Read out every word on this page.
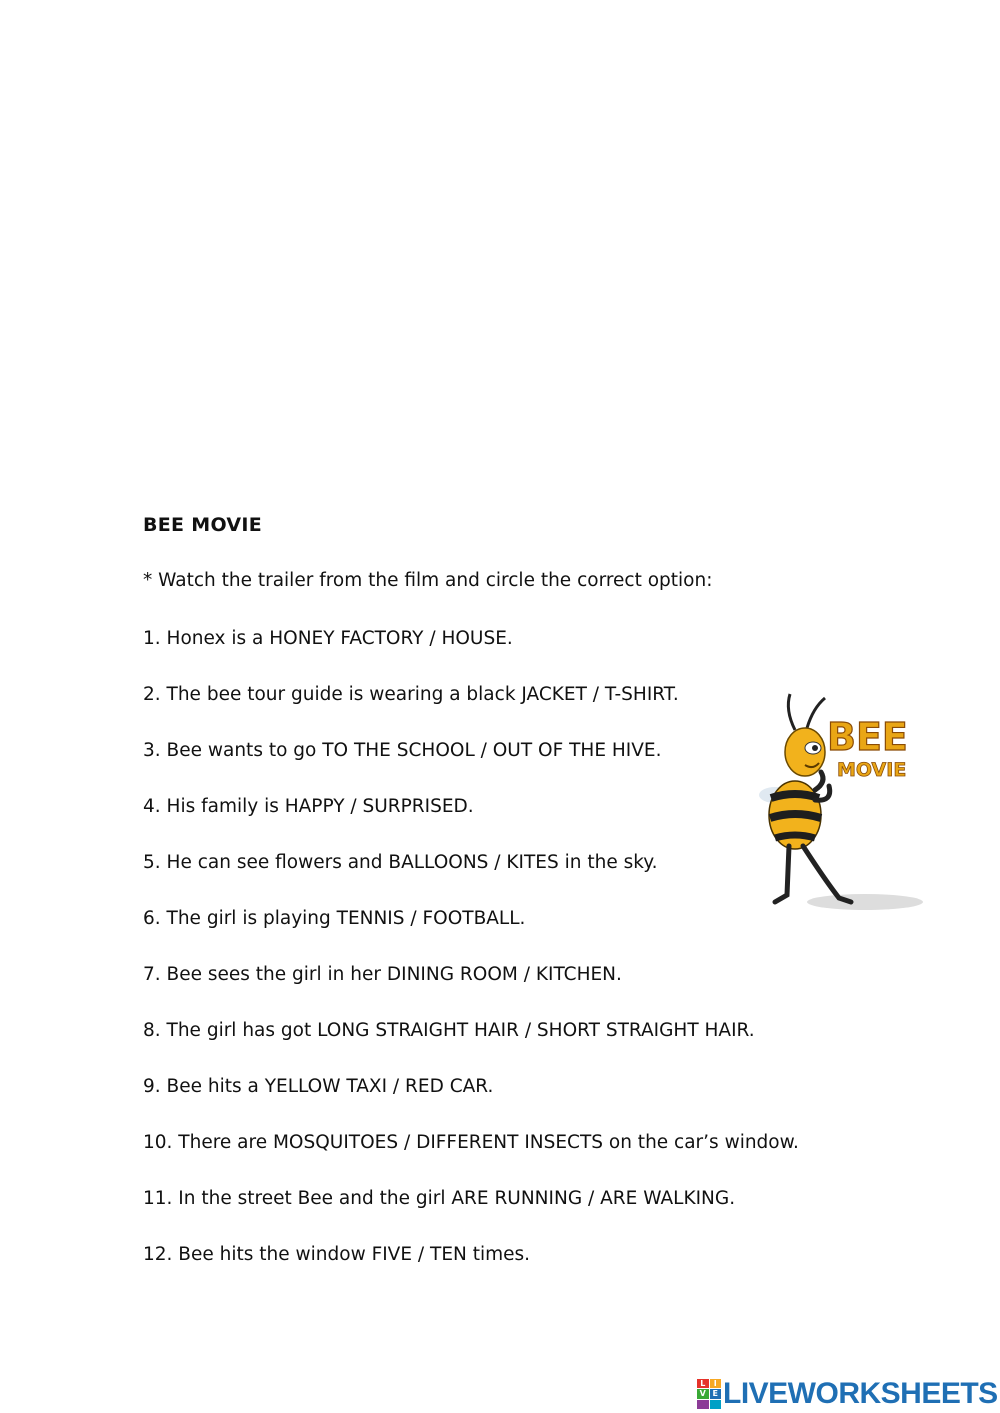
BEE MOVIE
* Watch the trailer from the film and circle the correct option:
1. Honex is a HONEY FACTORY / HOUSE.
2. The bee tour guide is wearing a black JACKET / T-SHIRT.
3. Bee wants to go TO THE SCHOOL / OUT OF THE HIVE.
4. His family is HAPPY / SURPRISED.
5. He can see flowers and BALLOONS / KITES in the sky.
6. The girl is playing TENNIS / FOOTBALL.
7. Bee sees the girl in her DINING ROOM / KITCHEN.
8. The girl has got LONG STRAIGHT HAIR / SHORT STRAIGHT HAIR.
9. Bee hits a YELLOW TAXI / RED CAR.
10. There are MOSQUITOES / DIFFERENT INSECTS on the car’s window.
11. In the street Bee and the girl ARE RUNNING / ARE WALKING.
12. Bee hits the window FIVE / TEN times.
BEE
MOVIE
L	I
V E LIVEWORKSHEETS
